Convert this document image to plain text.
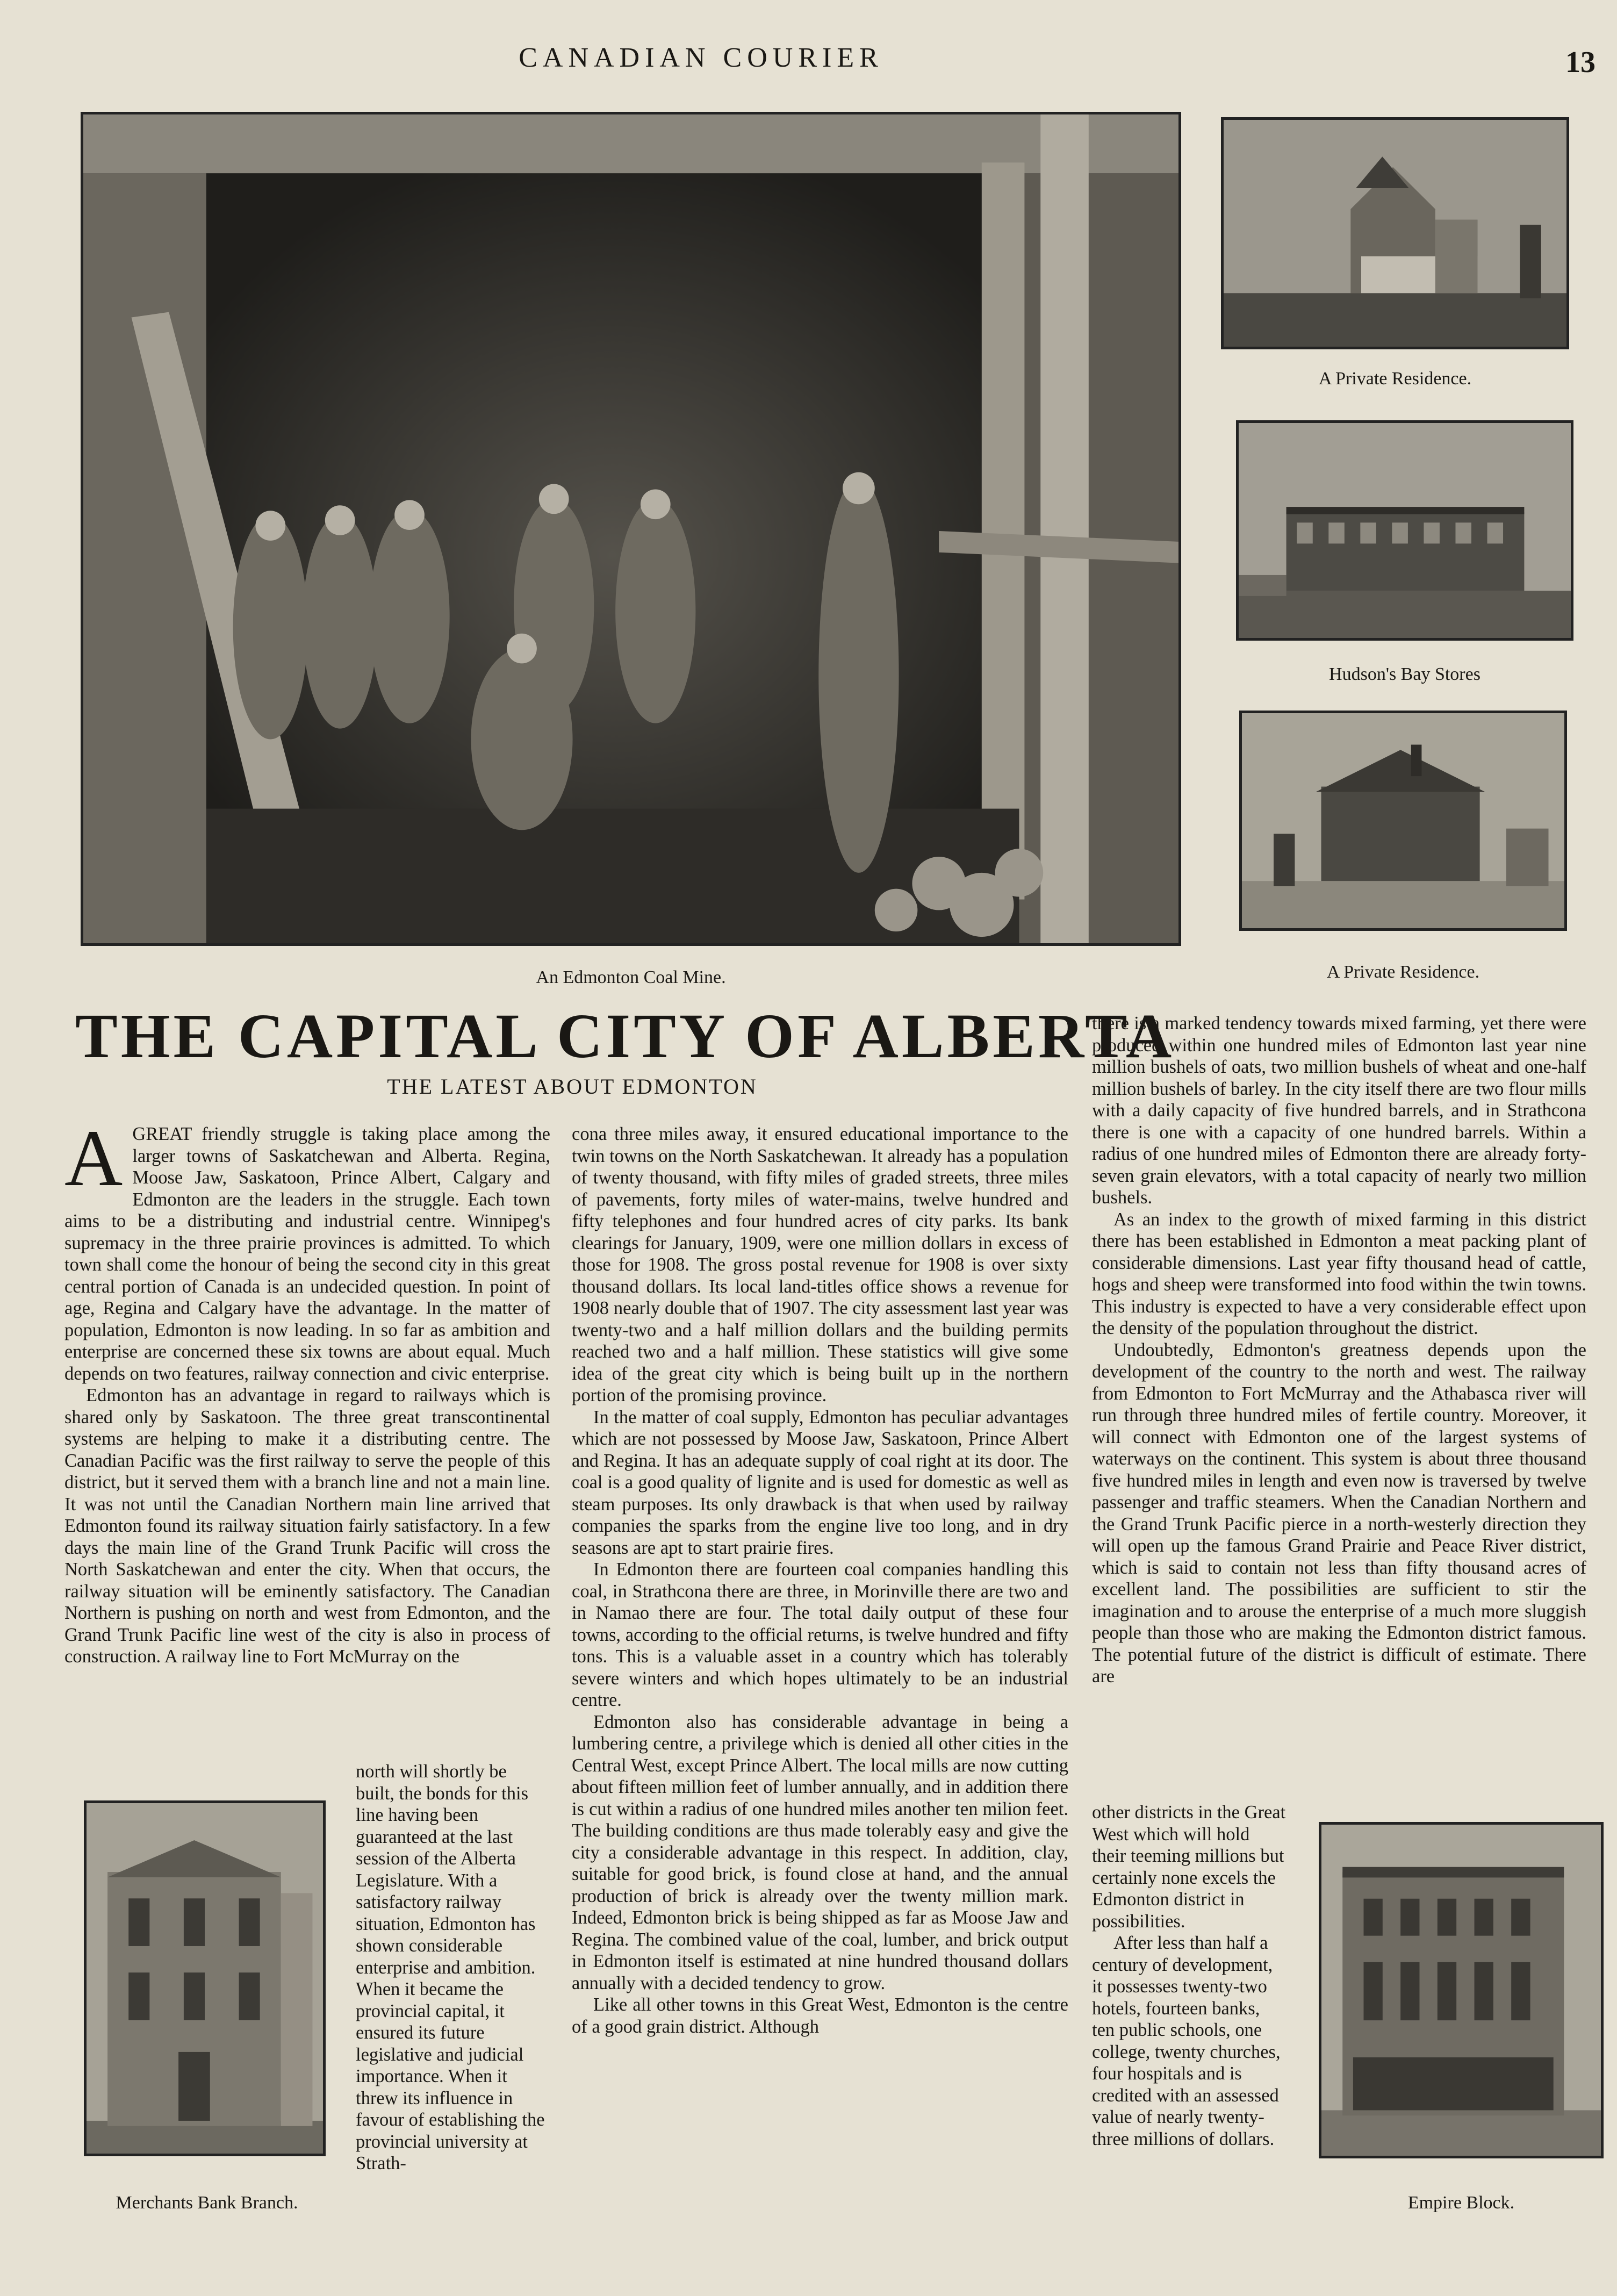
CANADIAN COURIER	13
An Edmonton Coal Mine.
A Private Residence.
Hudson's Bay Stores
A Private Residence.
THE CAPITAL CITY OF ALBERTA
THE LATEST ABOUT EDMONTON

AGREAT friendly struggle is taking place among the larger towns of Saskatchewan and Alberta. Regina, Moose Jaw, Saskatoon, Prince Albert, Calgary and Edmonton are the leaders in the struggle. Each town aims to be a distributing and industrial centre. Winnipeg's supremacy in the three prairie provinces is admitted. To which town shall come the honour of being the second city in this great central portion of Canada is an undecided question. In point of age, Regina and Calgary have the advantage. In the matter of population, Edmonton is now leading. In so far as ambition and enterprise are concerned these six towns are about equal. Much depends on two features, railway connection and civic enterprise.

Edmonton has an advantage in regard to railways which is shared only by Saskatoon. The three great transcontinental systems are helping to make it a distributing centre. The Canadian Pacific was the first railway to serve the people of this district, but it served them with a branch line and not a main line. It was not until the Canadian Northern main line arrived that Edmonton found its railway situation fairly satisfactory. In a few days the main line of the Grand Trunk Pacific will cross the North Saskatchewan and enter the city. When that occurs, the railway situation will be eminently satisfactory. The Canadian Northern is pushing on north and west from Edmonton, and the Grand Trunk Pacific line west of the city is also in process of construction. A railway line to Fort McMurray on the

Merchants Bank Branch.

north will shortly be built, the bonds for this line having been guaranteed at the last session of the Alberta Legislature. With a satisfactory railway situation, Edmonton has shown considerable enterprise and ambition. When it became the provincial capital, it ensured its future legislative and judicial importance. When it threw its influence in favour of establishing the provincial university at Strath-

cona three miles away, it ensured educational importance to the twin towns on the North Saskatchewan. It already has a population of twenty thousand, with fifty miles of graded streets, three miles of pavements, forty miles of water-mains, twelve hundred and fifty telephones and four hundred acres of city parks. Its bank clearings for January, 1909, were one million dollars in excess of those for 1908. The gross postal revenue for 1908 is over sixty thousand dollars. Its local land-titles office shows a revenue for 1908 nearly double that of 1907. The city assessment last year was twenty-two and a half million dollars and the building permits reached two and a half million. These statistics will give some idea of the great city which is being built up in the northern portion of the promising province.

In the matter of coal supply, Edmonton has peculiar advantages which are not possessed by Moose Jaw, Saskatoon, Prince Albert and Regina. It has an adequate supply of coal right at its door. The coal is a good quality of lignite and is used for domestic as well as steam purposes. Its only drawback is that when used by railway companies the sparks from the engine live too long, and in dry seasons are apt to start prairie fires.

In Edmonton there are fourteen coal companies handling this coal, in Strathcona there are three, in Morinville there are two and in Namao there are four. The total daily output of these four towns, according to the official returns, is twelve hundred and fifty tons. This is a valuable asset in a country which has tolerably severe winters and which hopes ultimately to be an industrial centre.

Edmonton also has considerable advantage in being a lumbering centre, a privilege which is denied all other cities in the Central West, except Prince Albert. The local mills are now cutting about fifteen million feet of lumber annually, and in addition there is cut within a radius of one hundred miles another ten milion feet. The building conditions are thus made tolerably easy and give the city a considerable advantage in this respect. In addition, clay, suitable for good brick, is found close at hand, and the annual production of brick is already over the twenty million mark. Indeed, Edmonton brick is being shipped as far as Moose Jaw and Regina. The combined value of the coal, lumber, and brick output in Edmonton itself is estimated at nine hundred thousand dollars annually with a decided tendency to grow.

Like all other towns in this Great West, Edmonton is the centre of a good grain district. Although

there is a marked tendency towards mixed farming, yet there were produced within one hundred miles of Edmonton last year nine million bushels of oats, two million bushels of wheat and one-half million bushels of barley. In the city itself there are two flour mills with a daily capacity of five hundred barrels, and in Strathcona there is one with a capacity of one hundred barrels. Within a radius of one hundred miles of Edmonton there are already forty-seven grain elevators, with a total capacity of nearly two million bushels.

As an index to the growth of mixed farming in this district there has been established in Edmonton a meat packing plant of considerable dimensions. Last year fifty thousand head of cattle, hogs and sheep were transformed into food within the twin towns. This industry is expected to have a very considerable effect upon the density of the population throughout the district.

Undoubtedly, Edmonton's greatness depends upon the development of the country to the north and west. The railway from Edmonton to Fort McMurray and the Athabasca river will run through three hundred miles of fertile country. Moreover, it will connect with Edmonton one of the largest systems of waterways on the continent. This system is about three thousand five hundred miles in length and even now is traversed by twelve passenger and traffic steamers. When the Canadian Northern and the Grand Trunk Pacific pierce in a north-westerly direction they will open up the famous Grand Prairie and Peace River district, which is said to contain not less than fifty thousand acres of excellent land. The possibilities are sufficient to stir the imagination and to arouse the enterprise of a much more sluggish people than those who are making the Edmonton district famous. The potential future of the district is difficult of estimate. There are

other districts in the Great West which will hold their teeming millions but certainly none excels the Edmonton district in possibilities.

After less than half a century of development, it possesses twenty-two hotels, fourteen banks, ten public schools, one college, twenty churches, four hospitals and is credited with an assessed value of nearly twenty-three millions of dollars.

Empire Block.
